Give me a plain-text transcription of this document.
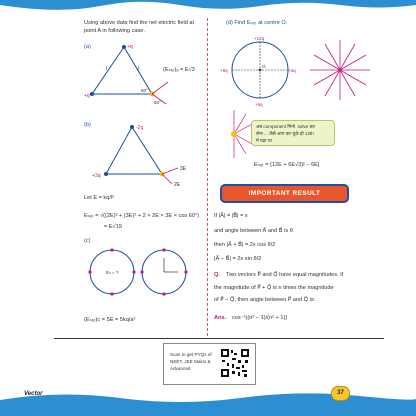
Using above data find the net electric field at
point A in following case.
(a)	+q
+q
60°
60°
l	l	(Eₙₑₜ)ₐ = E√3
(b)	-2q
+3q
3E
2E
Let E = kq/l²
Eₙₑₜ = √((2E)² + (3E)² + 2 × 2E × 3E × cos 60°)
= E√19
(c)
Eₙ = ?
(Eₙₑₜ)c = 5E = 5kq/a²
(d) Find Eₙₑₜ at centre O.
O
+12q
+9q	+3q
+6q
अब component गिनो ‍‍ solve कर
लेना ... जैसे आप कर चुके हो 12th
में पढ़ा था
Eₙₑₜ = (12E + 6E√3)î − 6Eĵ
IMPORTANT RESULT
If |A⃗| = |B⃗| = x
and angle between A⃗ and B⃗ is θ
then |A⃗ + B⃗| = 2x cos θ/2
|A⃗ − B⃗| = 2x sin θ/2
Q. Two vectors P⃗ and Q⃗ have equal magnitudes. If
the magnitude of P⃗ + Q⃗ is n times the magnitude
of P⃗ − Q⃗, then angle between P⃗ and Q⃗ is:
Ans. cos⁻¹((n² − 1)/(n² + 1))
Scan to get PYQs of
NEET, JEE Mains &
Advanced
Vector	37
